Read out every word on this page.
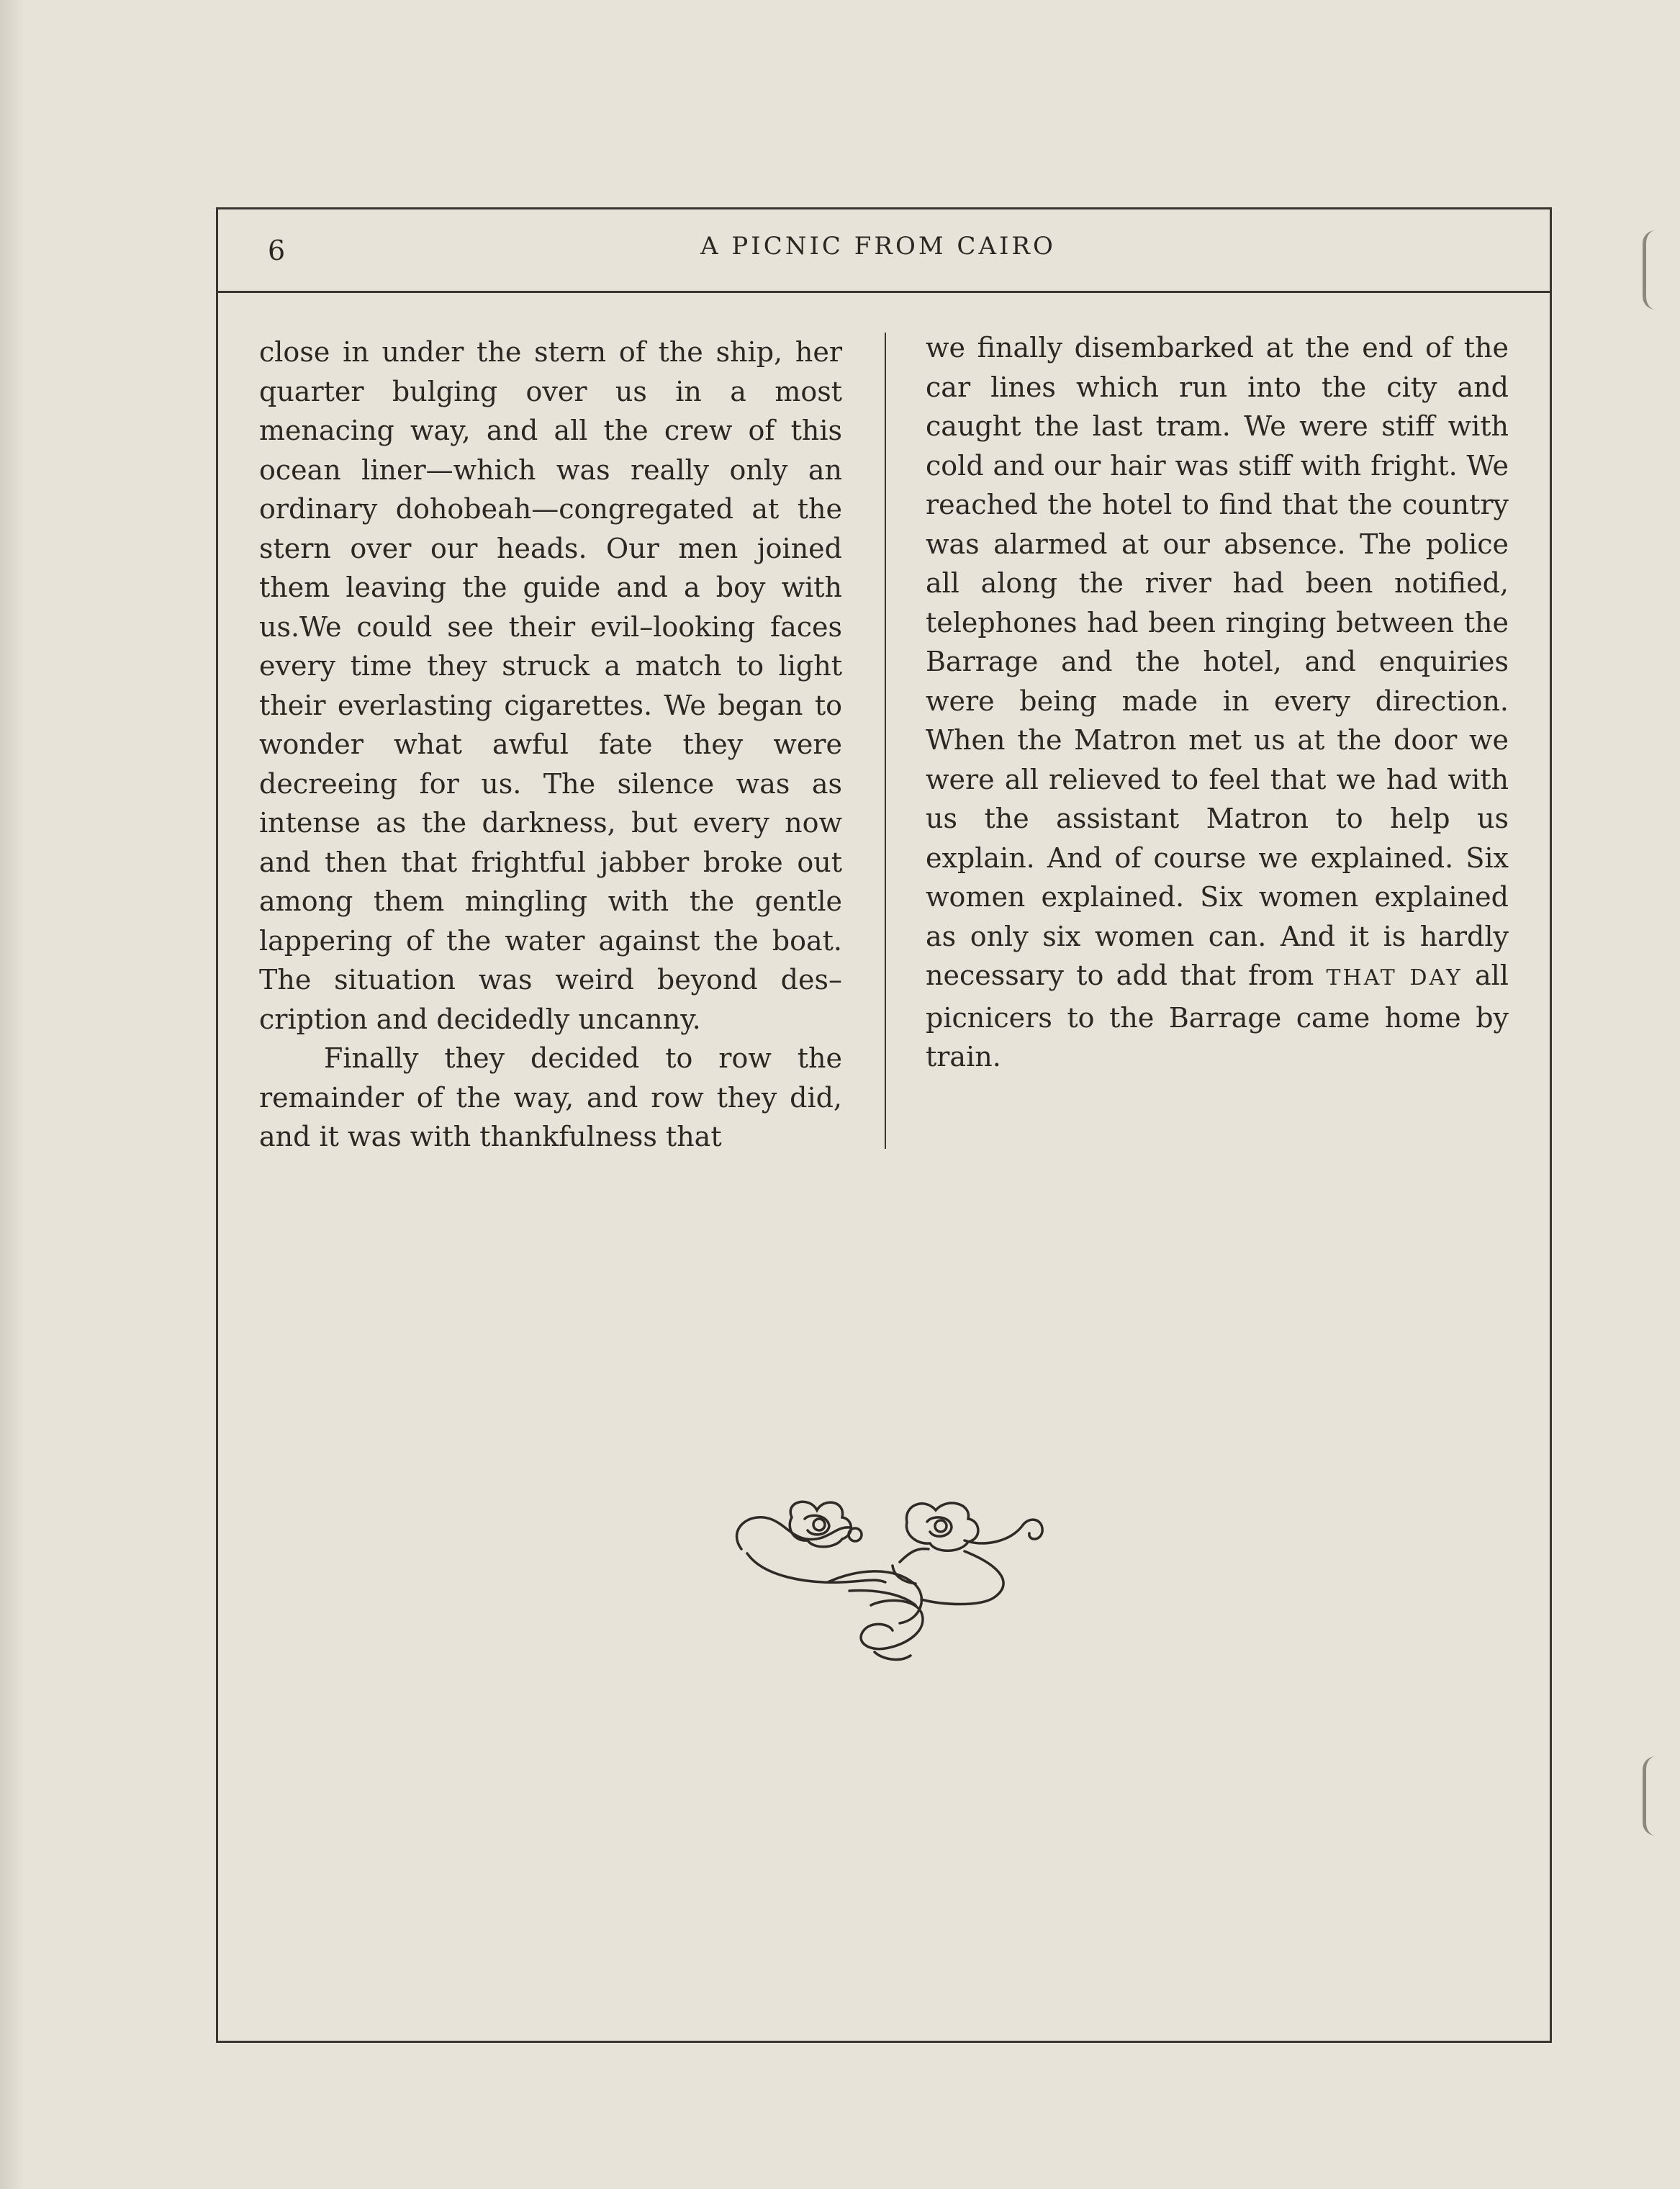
6	A PICNIC FROM CAIRO

close in under the stern of the ship, her quarter bulging over us in a most menacing way, and all the crew of this ocean liner—which was really only an ordinary dohobeah—congregated at the stern over our heads. Our men joined them leaving the guide and a boy with us.We could see their evil–looking faces every time they struck a match to light their everlasting cigarettes. We began to wonder what awful fate they were decreeing for us. The silence was as intense as the darkness, but every now and then that frightful jabber broke out among them mingling with the gentle lappering of the water against the boat. The situation was weird beyond des–cription and decidedly uncanny.

Finally they decided to row the remainder of the way, and row they did, and it was with thankfulness that

we finally disembarked at the end of the car lines which run into the city and caught the last tram. We were stiff with cold and our hair was stiff with fright. We reached the hotel to find that the country was alarmed at our absence. The police all along the river had been notified, telephones had been ringing between the Barrage and the hotel, and enquiries were being made in every direction. When the Matron met us at the door we were all relieved to feel that we had with us the assistant Matron to help us explain. And of course we explained. Six women explained. Six women explained as only six women can. And it is hardly necessary to add that from THAT DAY all picnicers to the Barrage came home by train.
